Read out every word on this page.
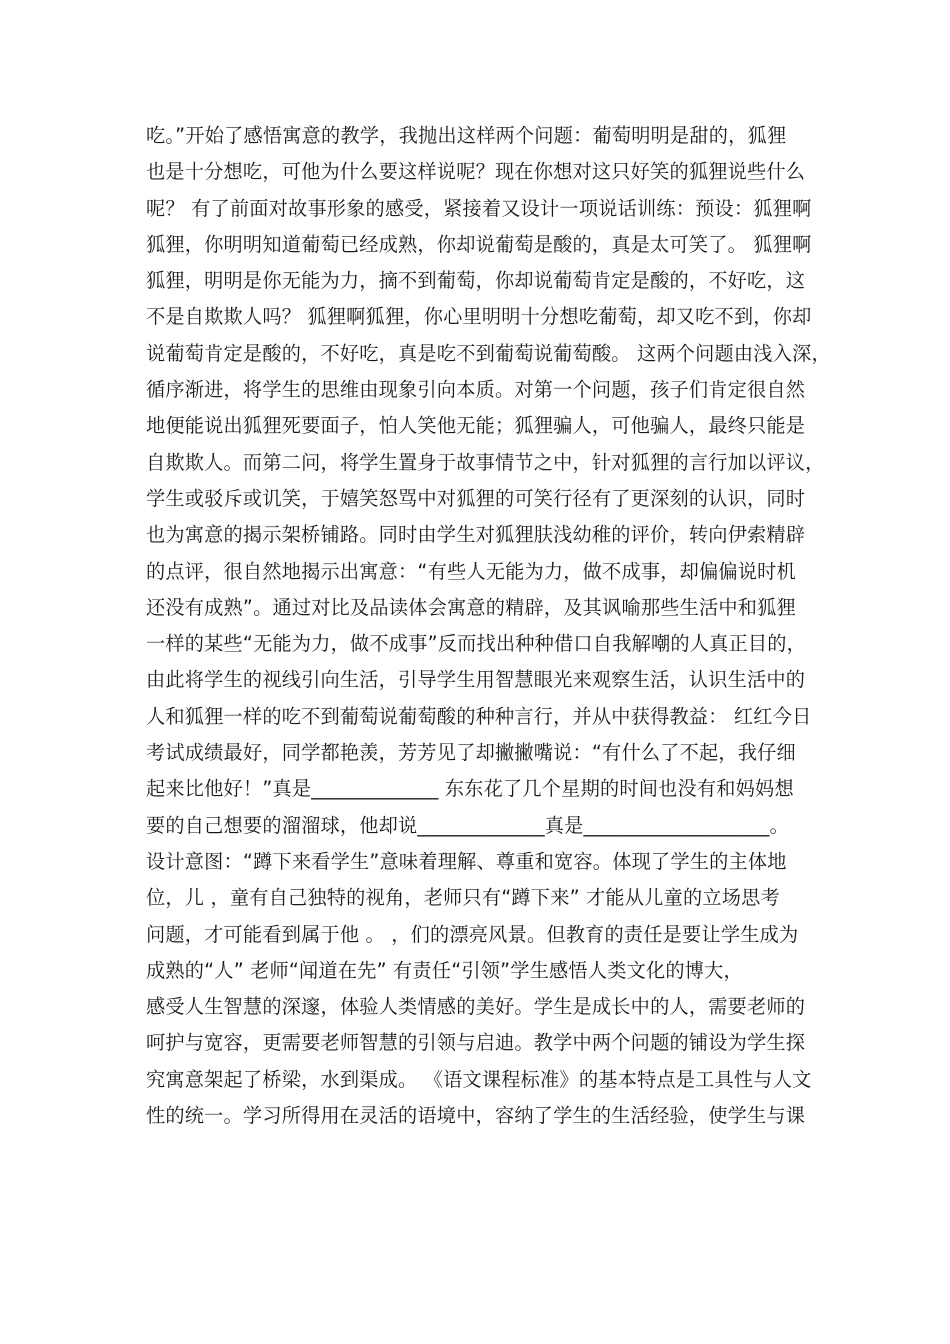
吃。”开始了感悟寓意的教学，我抛出这样两个问题：葡萄明明是甜的，狐狸
也是十分想吃，可他为什么要这样说呢？现在你想对这只好笑的狐狸说些什么
呢？ 有了前面对故事形象的感受，紧接着又设计一项说话训练：预设：狐狸啊
狐狸，你明明知道葡萄已经成熟，你却说葡萄是酸的，真是太可笑了。 狐狸啊
狐狸，明明是你无能为力，摘不到葡萄，你却说葡萄肯定是酸的，不好吃，这
不是自欺欺人吗？ 狐狸啊狐狸，你心里明明十分想吃葡萄，却又吃不到，你却
说葡萄肯定是酸的，不好吃，真是吃不到葡萄说葡萄酸。 这两个问题由浅入深，
循序渐进，将学生的思维由现象引向本质。对第一个问题，孩子们肯定很自然
地便能说出狐狸死要面子，怕人笑他无能；狐狸骗人，可他骗人，最终只能是
自欺欺人。而第二问，将学生置身于故事情节之中，针对狐狸的言行加以评议，
学生或驳斥或讥笑，于嬉笑怒骂中对狐狸的可笑行径有了更深刻的认识，同时
也为寓意的揭示架桥铺路。同时由学生对狐狸肤浅幼稚的评价，转向伊索精辟
的点评，很自然地揭示出寓意：“有些人无能为力，做不成事，却偏偏说时机
还没有成熟”。通过对比及品读体会寓意的精辟，及其讽喻那些生活中和狐狸
一样的某些“无能为力，做不成事”反而找出种种借口自我解嘲的人真正目的，
由此将学生的视线引向生活，引导学生用智慧眼光来观察生活，认识生活中的
人和狐狸一样的吃不到葡萄说葡萄酸的种种言行，并从中获得教益： 红红今日
考试成绩最好，同学都艳羡，芳芳见了却撇撇嘴说：“有什么了不起，我仔细
起来比他好！”真是_____________ 东东花了几个星期的时间也没有和妈妈想
要的自己想要的溜溜球，他却说_____________真是___________________。
设计意图：“蹲下来看学生”意味着理解、尊重和宽容。体现了学生的主体地
位，儿 ，童有自己独特的视角，老师只有“蹲下来” 才能从儿童的立场思考
问题，才可能看到属于他 。 ，们的漂亮风景。但教育的责任是要让学生成为
成熟的“人” 老师“闻道在先” 有责任“引领”学生感悟人类文化的博大，
感受人生智慧的深邃，体验人类情感的美好。学生是成长中的人，需要老师的
呵护与宽容，更需要老师智慧的引领与启迪。教学中两个问题的铺设为学生探
究寓意架起了桥梁，水到渠成。 《语文课程标准》的基本特点是工具性与人文
性的统一。学习所得用在灵活的语境中，容纳了学生的生活经验，使学生与课
